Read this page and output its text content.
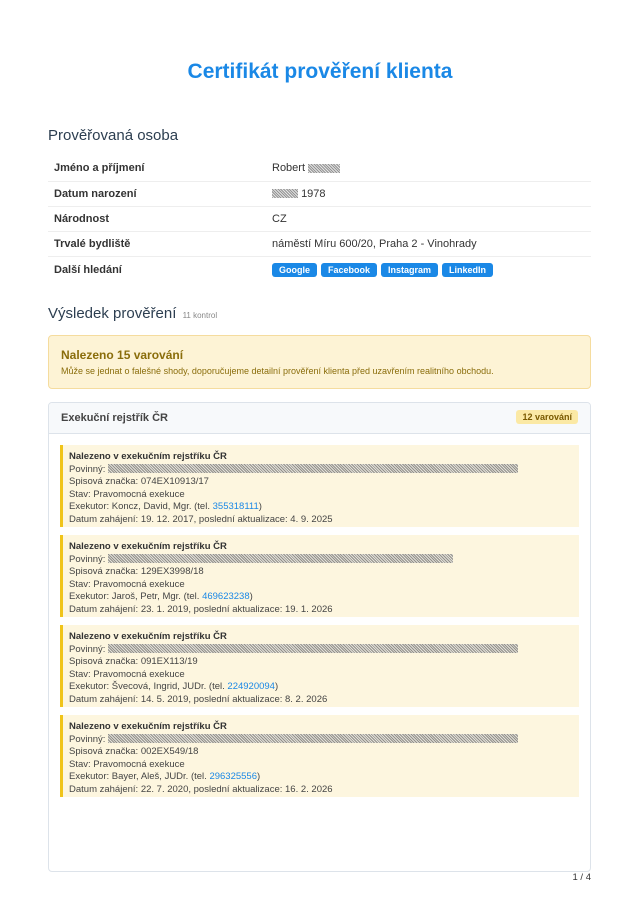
Certifikát prověření klienta
Prověřovaná osoba
Jméno a příjmení	Robert
Datum narození	1978
Národnost	CZ
Trvalé bydliště	náměstí Míru 600/20, Praha 2 - Vinohrady
Další hledání	Google Facebook Instagram LinkedIn
Výsledek prověření 11 kontrol
Nalezeno 15 varování
Může se jednat o falešné shody, doporučujeme detailní prověření klienta před uzavřením realitního obchodu.
Exekuční rejstřík ČR	12 varování
Nalezeno v exekučním rejstříku ČR
Povinný:
Spisová značka: 074EX10913/17
Stav: Pravomocná exekuce
Exekutor: Koncz, David, Mgr. (tel. 355318111)
Datum zahájení: 19. 12. 2017, poslední aktualizace: 4. 9. 2025
Nalezeno v exekučním rejstříku ČR
Povinný:
Spisová značka: 129EX3998/18
Stav: Pravomocná exekuce
Exekutor: Jaroš, Petr, Mgr. (tel. 469623238)
Datum zahájení: 23. 1. 2019, poslední aktualizace: 19. 1. 2026
Nalezeno v exekučním rejstříku ČR
Povinný:
Spisová značka: 091EX113/19
Stav: Pravomocná exekuce
Exekutor: Švecová, Ingrid, JUDr. (tel. 224920094)
Datum zahájení: 14. 5. 2019, poslední aktualizace: 8. 2. 2026
Nalezeno v exekučním rejstříku ČR
Povinný:
Spisová značka: 002EX549/18
Stav: Pravomocná exekuce
Exekutor: Bayer, Aleš, JUDr. (tel. 296325556)
Datum zahájení: 22. 7. 2020, poslední aktualizace: 16. 2. 2026
1 / 4
